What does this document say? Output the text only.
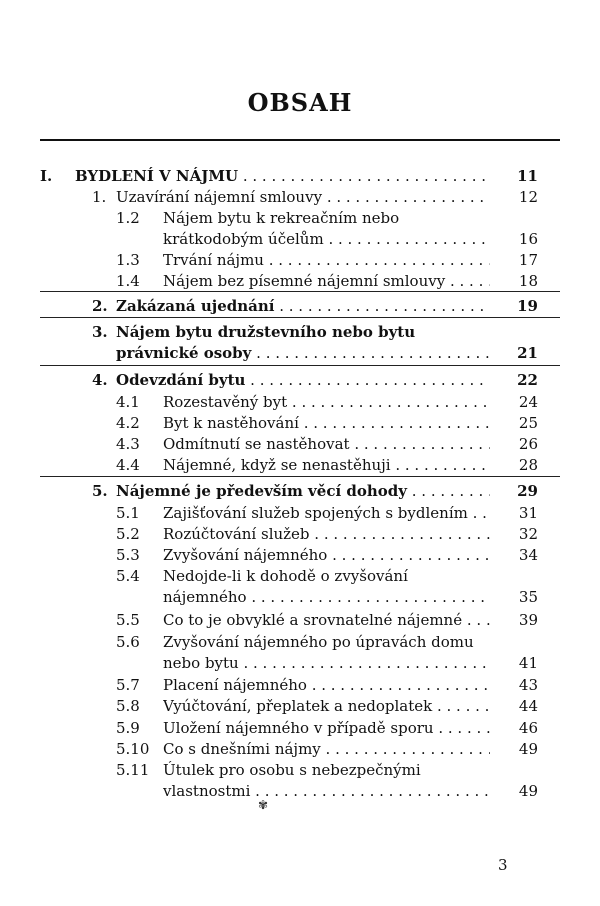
OBSAH
I. BYDLENÍ V NÁJMU . . .	11
1. Uzavírání nájemní smlouvy . . .	12
1.2 Nájem bytu k rekreačním nebo
krátkodobým účelům . . .	16
1.3 Trvání nájmu . . .	17
1.4 Nájem bez písemné nájemní smlouvy . . .	18
2. Zakázaná ujednání . . .	19
3. Nájem bytu družstevního nebo bytu
právnické osoby . . .	21
4. Odevzdání bytu . . .	22
4.1 Rozestavěný byt . . .	24
4.2 Byt k nastěhování . . .	25
4.3 Odmítnutí se nastěhovat . . .	26
4.4 Nájemné, když se nenastěhuji . . .	28
5. Nájemné je především věcí dohody . . .	29
5.1 Zajišťování služeb spojených s bydlením . . .	31
5.2 Rozúčtování služeb . . .	32
5.3 Zvyšování nájemného . . .	34
5.4 Nedojde-li k dohodě o zvyšování
nájemného . . .	35
5.5 Co to je obvyklé a srovnatelné nájemné . . .	39
5.6 Zvyšování nájemného po úpravách domu
nebo bytu . . .	41
5.7 Placení nájemného . . .	43
5.8 Vyúčtování, přeplatek a nedoplatek . . .	44
5.9 Uložení nájemného v případě sporu . . .	46
5.10 Co s dnešními nájmy . . .	49
5.11 Útulek pro osobu s nebezpečnými
vlastnostmi . . .	49
✾
3
